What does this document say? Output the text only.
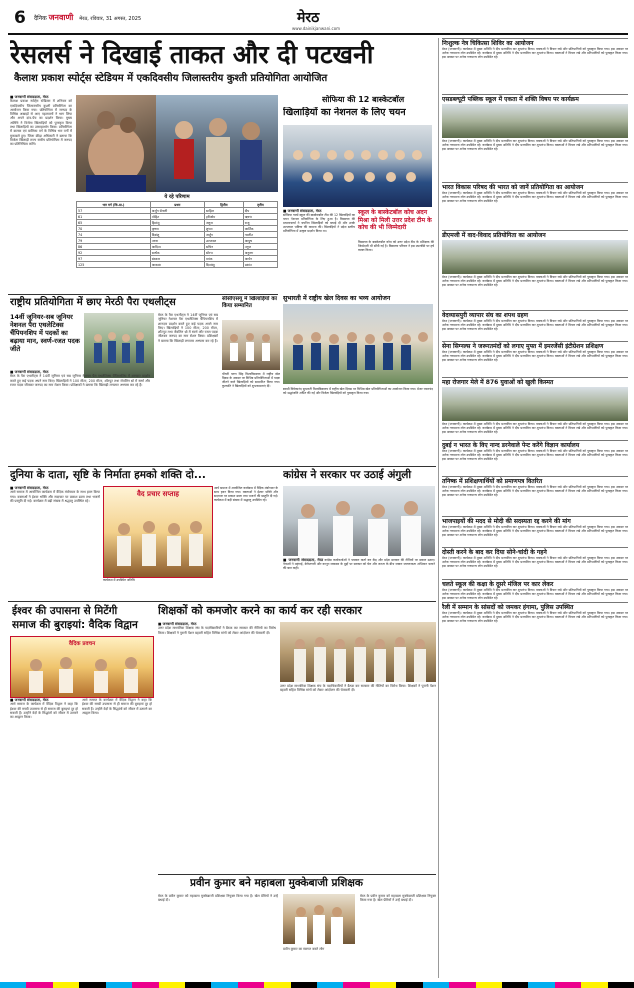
6 दैनिक जनवाणी मेरठ, रविवार, 31 अगस्त, 2025	मेरठ
www.dainikjanwani.com
रेसलर्स ने दिखाई ताकत और दी पटखनी
कैलाश प्रकाश स्पोर्ट्स स्टेडियम में एकदिवसीय जिलास्तरीय कुश्ती प्रतियोगिता आयोजित
■ जनवाणी संवाददाता, मेरठ
कैलाश प्रकाश स्पोर्ट्स स्टेडियम में शनिवार को एकदिवसीय जिलास्तरीय कुश्ती प्रतियोगिता का आयोजन किया गया। प्रतियोगिता में जनपद के विभिन्न अखाड़ों से आए पहलवानों ने भाग लिया और अपने दांव-पेंच का प्रदर्शन किया। मुख्य अतिथि ने विजेता खिलाड़ियों को पुरस्कृत किया तथा खिलाड़ियों का उत्साहवर्धन किया। प्रतियोगिता में बालक एवं बालिका वर्ग के विभिन्न भार वर्गों में मुकाबले हुए। जिला क्रीड़ा अधिकारी ने बताया कि विजेता खिलाड़ी राज्य स्तरीय प्रतियोगिता में जनपद का प्रतिनिधित्व करेंगे।
ये रहे परिणाम
भार वर्ग (कि.ग्रा.)	प्रथम	द्वितीय	तृतीय
57	अर्जुन सैनानी	साहिल	दीप
61	मोहित	हरिओम	ऋषभ
65	हिमांशु	अनुज	राजू
70	कृष्णा	शुभम	कार्तिक
74	दिवांशु	अर्जुन	नवनीत
79	तरुण	उज्जवल	आयुष
86	आदित्य	सचिन	तनुज
92	सार्थक	सौरभ	अनुराग
97	संस्कार	मयंक	आर्यन
125	आकाश	दिव्यांशु	प्रशांत
सोफिया की 12 बास्केटबॉल
खिलाड़ियों का नेशनल के लिए चयन
■ जनवाणी संवाददाता, मेरठ
सोफिया गर्ल्स स्कूल की बास्केटबॉल टीम की 12 खिलाड़ियों का चयन नेशनल प्रतियोगिता के लिए हुआ है। विद्यालय की प्रधानाचार्या ने चयनित खिलाड़ियों को बधाई दी और उनके उज्जवल भविष्य की कामना की। खिलाड़ियों ने प्रदेश स्तरीय प्रतियोगिता में उत्कृष्ट प्रदर्शन किया था।
स्कूल के बास्केटबॉल कोच अदन मिश्रा को मिली उत्तर प्रदेश टीम के कोच की भी जिम्मेदारी
विद्यालय के बास्केटबॉल कोच को उत्तर प्रदेश टीम के प्रशिक्षक की जिम्मेदारी भी सौंपी गई है। विद्यालय परिवार ने इस उपलब्धि पर हर्ष व्यक्त किया।
राष्ट्रीय प्रतियोगिता में छाए मेरठी पैरा एथलीट्स
14वीं जूनियर-सब जूनियर नेशनल पैरा एथलेटिक्स चैंपियनशिप में पदकों का बढ़ाया मान, स्वर्ण-रजत पदक जीते
■ जनवाणी संवाददाता, मेरठ
मेरठ के पैरा एथलीट्स ने 14वीं जूनियर एवं सब जूनियर नेशनल पैरा एथलेटिक्स चैंपियनशिप में शानदार प्रदर्शन करते हुए कई पदक अपने नाम किए। खिलाड़ियों ने 100 मीटर, 200 मीटर, शॉटपुट तथा जेवलिन थ्रो में स्वर्ण और रजत पदक जीतकर जनपद का नाम रोशन किया। प्रशिक्षकों ने बताया कि खिलाड़ी लगातार अभ्यास कर रहे हैं।
मेरठ के पैरा एथलीट्स ने 14वीं जूनियर एवं सब जूनियर नेशनल पैरा एथलेटिक्स चैंपियनशिप में शानदार प्रदर्शन करते हुए कई पदक अपने नाम किए। खिलाड़ियों ने 100 मीटर, 200 मीटर, शॉटपुट तथा जेवलिन थ्रो में स्वर्ण और रजत पदक जीतकर जनपद का नाम रोशन किया। प्रशिक्षकों ने बताया कि खिलाड़ी लगातार अभ्यास कर रहे हैं।
सीसीएसयू में खिलाड़ियों का किया सम्मानित
चौधरी चरण सिंह विश्वविद्यालय में राष्ट्रीय खेल दिवस के अवसर पर विभिन्न प्रतियोगिताओं में पदक जीतने वाले खिलाड़ियों को सम्मानित किया गया। कुलपति ने खिलाड़ियों को शुभकामनाएं दीं।
सुभारती में राष्ट्रीय खेल दिवस का भव्य आयोजन
स्वामी विवेकानंद सुभारती विश्वविद्यालय में राष्ट्रीय खेल दिवस पर विभिन्न खेल प्रतियोगिताओं का आयोजन किया गया। मेजर ध्यानचंद को श्रद्धांजलि अर्पित की गई और विजेता खिलाड़ियों को पुरस्कृत किया गया।
दुनिया के दाता, सृष्टि के निर्माता हमको शक्ति दो...
■ जनवाणी संवाददाता, मेरठ
आर्य समाज में आयोजित कार्यक्रम में वैदिक मंत्रोच्चार के साथ हवन किया गया। वक्ताओं ने ईश्वर भक्ति और सदाचार पर प्रकाश डाला तथा भजनों की प्रस्तुति दी गई। कार्यक्रम में बड़ी संख्या में श्रद्धालु उपस्थित रहे।
वैद प्रचार सप्ताह
कार्यक्रम में उपस्थित अतिथि
आर्य समाज में आयोजित कार्यक्रम में वैदिक मंत्रोच्चार के साथ हवन किया गया। वक्ताओं ने ईश्वर भक्ति और सदाचार पर प्रकाश डाला तथा भजनों की प्रस्तुति दी गई। कार्यक्रम में बड़ी संख्या में श्रद्धालु उपस्थित रहे।
कांग्रेस ने सरकार पर उठाई अंगुली
■ जनवाणी संवाददाता, मेरठ कांग्रेस कार्यकर्ताओं ने पत्रकार वार्ता कर केंद्र और प्रदेश सरकार की नीतियों पर सवाल उठाए। नेताओं ने महंगाई, बेरोजगारी और कानून व्यवस्था के मुद्दों पर सरकार को घेरा और जनता के बीच जाकर जागरूकता अभियान चलाने की बात कही।
ईश्वर की उपासना से मिटेंगी
समाज की बुराइयां: वैदिक विद्वान
वैदिक प्रवचन
■ जनवाणी संवाददाता, मेरठ
आर्य समाज के कार्यक्रम में वैदिक विद्वान ने कहा कि ईश्वर की सच्ची उपासना से ही समाज की बुराइयां दूर हो सकती हैं। उन्होंने वेदों के सिद्धांतों को जीवन में उतारने का आह्वान किया।
आर्य समाज के कार्यक्रम में वैदिक विद्वान ने कहा कि ईश्वर की सच्ची उपासना से ही समाज की बुराइयां दूर हो सकती हैं। उन्होंने वेदों के सिद्धांतों को जीवन में उतारने का आह्वान किया।
शिक्षकों को कमजोर करने का कार्य कर रही सरकार
■ जनवाणी संवाददाता, मेरठ
उत्तर प्रदेश माध्यमिक शिक्षक संघ के पदाधिकारियों ने बैठक कर सरकार की नीतियों का विरोध किया। शिक्षकों ने पुरानी पेंशन बहाली सहित विभिन्न मांगों को लेकर आंदोलन की चेतावनी दी।
उत्तर प्रदेश माध्यमिक शिक्षक संघ के पदाधिकारियों ने बैठक कर सरकार की नीतियों का विरोध किया। शिक्षकों ने पुरानी पेंशन बहाली सहित विभिन्न मांगों को लेकर आंदोलन की चेतावनी दी।
प्रवीन कुमार बने महाबला मुक्केबाजी प्रशिक्षक
मेरठ के प्रवीन कुमार को महाबला मुक्केबाजी प्रशिक्षक नियुक्त किया गया है। खेल प्रेमियों ने उन्हें बधाई दी।
प्रवीन कुमार का स्वागत करते लोग
मेरठ के प्रवीन कुमार को महाबला मुक्केबाजी प्रशिक्षक नियुक्त किया गया है। खेल प्रेमियों ने उन्हें बधाई दी।
निःशुल्क नेत्र चिकित्सा शिविर का आयोजन
मेरठ (जनवाणी): कार्यक्रम में मुख्य अतिथि ने दीप प्रज्वलित कर शुभारंभ किया। वक्ताओं ने विचार रखे और प्रतिभागियों को पुरस्कृत किया गया। इस अवसर पर अनेक गणमान्य लोग उपस्थित रहे। कार्यक्रम में मुख्य अतिथि ने दीप प्रज्वलित कर शुभारंभ किया। वक्ताओं ने विचार रखे और प्रतिभागियों को पुरस्कृत किया गया। इस अवसर पर अनेक गणमान्य लोग उपस्थित रहे।
एसडब्ल्यूटी पब्लिक स्कूल में एकता में शक्ति विषय पर कार्यक्रम
मेरठ (जनवाणी): कार्यक्रम में मुख्य अतिथि ने दीप प्रज्वलित कर शुभारंभ किया। वक्ताओं ने विचार रखे और प्रतिभागियों को पुरस्कृत किया गया। इस अवसर पर अनेक गणमान्य लोग उपस्थित रहे। कार्यक्रम में मुख्य अतिथि ने दीप प्रज्वलित कर शुभारंभ किया। वक्ताओं ने विचार रखे और प्रतिभागियों को पुरस्कृत किया गया। इस अवसर पर अनेक गणमान्य लोग उपस्थित रहे।
भारत विकास परिषद की भारत को जानें प्रतियोगिता का आयोजन
मेरठ (जनवाणी): कार्यक्रम में मुख्य अतिथि ने दीप प्रज्वलित कर शुभारंभ किया। वक्ताओं ने विचार रखे और प्रतिभागियों को पुरस्कृत किया गया। इस अवसर पर अनेक गणमान्य लोग उपस्थित रहे। कार्यक्रम में मुख्य अतिथि ने दीप प्रज्वलित कर शुभारंभ किया। वक्ताओं ने विचार रखे और प्रतिभागियों को पुरस्कृत किया गया। इस अवसर पर अनेक गणमान्य लोग उपस्थित रहे।
डीएमजी में वाद-विवाद प्रतियोगिता का आयोजन
मेरठ (जनवाणी): कार्यक्रम में मुख्य अतिथि ने दीप प्रज्वलित कर शुभारंभ किया। वक्ताओं ने विचार रखे और प्रतिभागियों को पुरस्कृत किया गया। इस अवसर पर अनेक गणमान्य लोग उपस्थित रहे। कार्यक्रम में मुख्य अतिथि ने दीप प्रज्वलित कर शुभारंभ किया। वक्ताओं ने विचार रखे और प्रतिभागियों को पुरस्कृत किया गया। इस अवसर पर अनेक गणमान्य लोग उपस्थित रहे।
वेदव्यासपुरी व्यापार संघ का शपथ ग्रहण
मेरठ (जनवाणी): कार्यक्रम में मुख्य अतिथि ने दीप प्रज्वलित कर शुभारंभ किया। वक्ताओं ने विचार रखे और प्रतिभागियों को पुरस्कृत किया गया। इस अवसर पर अनेक गणमान्य लोग उपस्थित रहे। कार्यक्रम में मुख्य अतिथि ने दीप प्रज्वलित कर शुभारंभ किया। वक्ताओं ने विचार रखे और प्रतिभागियों को पुरस्कृत किया गया। इस अवसर पर अनेक गणमान्य लोग उपस्थित रहे।
सेना सिग्नल्स ने जरूरतमंदों को लगाए मुफ्त में इमरजेंसी इंटीग्रेशन प्रशिक्षण
मेरठ (जनवाणी): कार्यक्रम में मुख्य अतिथि ने दीप प्रज्वलित कर शुभारंभ किया। वक्ताओं ने विचार रखे और प्रतिभागियों को पुरस्कृत किया गया। इस अवसर पर अनेक गणमान्य लोग उपस्थित रहे। कार्यक्रम में मुख्य अतिथि ने दीप प्रज्वलित कर शुभारंभ किया। वक्ताओं ने विचार रखे और प्रतिभागियों को पुरस्कृत किया गया। इस अवसर पर अनेक गणमान्य लोग उपस्थित रहे।
महा रोजगार मेले में 876 युवाओं को खुली किस्मत
मेरठ (जनवाणी): कार्यक्रम में मुख्य अतिथि ने दीप प्रज्वलित कर शुभारंभ किया। वक्ताओं ने विचार रखे और प्रतिभागियों को पुरस्कृत किया गया। इस अवसर पर अनेक गणमान्य लोग उपस्थित रहे। कार्यक्रम में मुख्य अतिथि ने दीप प्रज्वलित कर शुभारंभ किया। वक्ताओं ने विचार रखे और प्रतिभागियों को पुरस्कृत किया गया। इस अवसर पर अनेक गणमान्य लोग उपस्थित रहे।
दुबई न भारत के विए नान्द डरनेवाले पेन्ट करेंगे विज्ञान कार्यालय
मेरठ (जनवाणी): कार्यक्रम में मुख्य अतिथि ने दीप प्रज्वलित कर शुभारंभ किया। वक्ताओं ने विचार रखे और प्रतिभागियों को पुरस्कृत किया गया। इस अवसर पर अनेक गणमान्य लोग उपस्थित रहे। कार्यक्रम में मुख्य अतिथि ने दीप प्रज्वलित कर शुभारंभ किया। वक्ताओं ने विचार रखे और प्रतिभागियों को पुरस्कृत किया गया। इस अवसर पर अनेक गणमान्य लोग उपस्थित रहे।
तनिष्क में प्रशिक्षणार्थियों को प्रमाणपत्र वितरित
मेरठ (जनवाणी): कार्यक्रम में मुख्य अतिथि ने दीप प्रज्वलित कर शुभारंभ किया। वक्ताओं ने विचार रखे और प्रतिभागियों को पुरस्कृत किया गया। इस अवसर पर अनेक गणमान्य लोग उपस्थित रहे। कार्यक्रम में मुख्य अतिथि ने दीप प्रज्वलित कर शुभारंभ किया। वक्ताओं ने विचार रखे और प्रतिभागियों को पुरस्कृत किया गया। इस अवसर पर अनेक गणमान्य लोग उपस्थित रहे।
भाजपाइयों की मदद से मोदी की सदस्यता रद्द करने की मांग
मेरठ (जनवाणी): कार्यक्रम में मुख्य अतिथि ने दीप प्रज्वलित कर शुभारंभ किया। वक्ताओं ने विचार रखे और प्रतिभागियों को पुरस्कृत किया गया। इस अवसर पर अनेक गणमान्य लोग उपस्थित रहे। कार्यक्रम में मुख्य अतिथि ने दीप प्रज्वलित कर शुभारंभ किया। वक्ताओं ने विचार रखे और प्रतिभागियों को पुरस्कृत किया गया। इस अवसर पर अनेक गणमान्य लोग उपस्थित रहे।
दोस्ती करने के बाद कर दिया सोने-चांदी के गहने
मेरठ (जनवाणी): कार्यक्रम में मुख्य अतिथि ने दीप प्रज्वलित कर शुभारंभ किया। वक्ताओं ने विचार रखे और प्रतिभागियों को पुरस्कृत किया गया। इस अवसर पर अनेक गणमान्य लोग उपस्थित रहे। कार्यक्रम में मुख्य अतिथि ने दीप प्रज्वलित कर शुभारंभ किया। वक्ताओं ने विचार रखे और प्रतिभागियों को पुरस्कृत किया गया। इस अवसर पर अनेक गणमान्य लोग उपस्थित रहे।
चलते स्कूल की कक्षा के दूसरे मंजिल पर कार लेकर
मेरठ (जनवाणी): कार्यक्रम में मुख्य अतिथि ने दीप प्रज्वलित कर शुभारंभ किया। वक्ताओं ने विचार रखे और प्रतिभागियों को पुरस्कृत किया गया। इस अवसर पर अनेक गणमान्य लोग उपस्थित रहे। कार्यक्रम में मुख्य अतिथि ने दीप प्रज्वलित कर शुभारंभ किया। वक्ताओं ने विचार रखे और प्रतिभागियों को पुरस्कृत किया गया। इस अवसर पर अनेक गणमान्य लोग उपस्थित रहे।
रैली में सम्मान के सांसदों को जमकर हंगामा, पुलिस उपस्थित
मेरठ (जनवाणी): कार्यक्रम में मुख्य अतिथि ने दीप प्रज्वलित कर शुभारंभ किया। वक्ताओं ने विचार रखे और प्रतिभागियों को पुरस्कृत किया गया। इस अवसर पर अनेक गणमान्य लोग उपस्थित रहे। कार्यक्रम में मुख्य अतिथि ने दीप प्रज्वलित कर शुभारंभ किया। वक्ताओं ने विचार रखे और प्रतिभागियों को पुरस्कृत किया गया। इस अवसर पर अनेक गणमान्य लोग उपस्थित रहे।
